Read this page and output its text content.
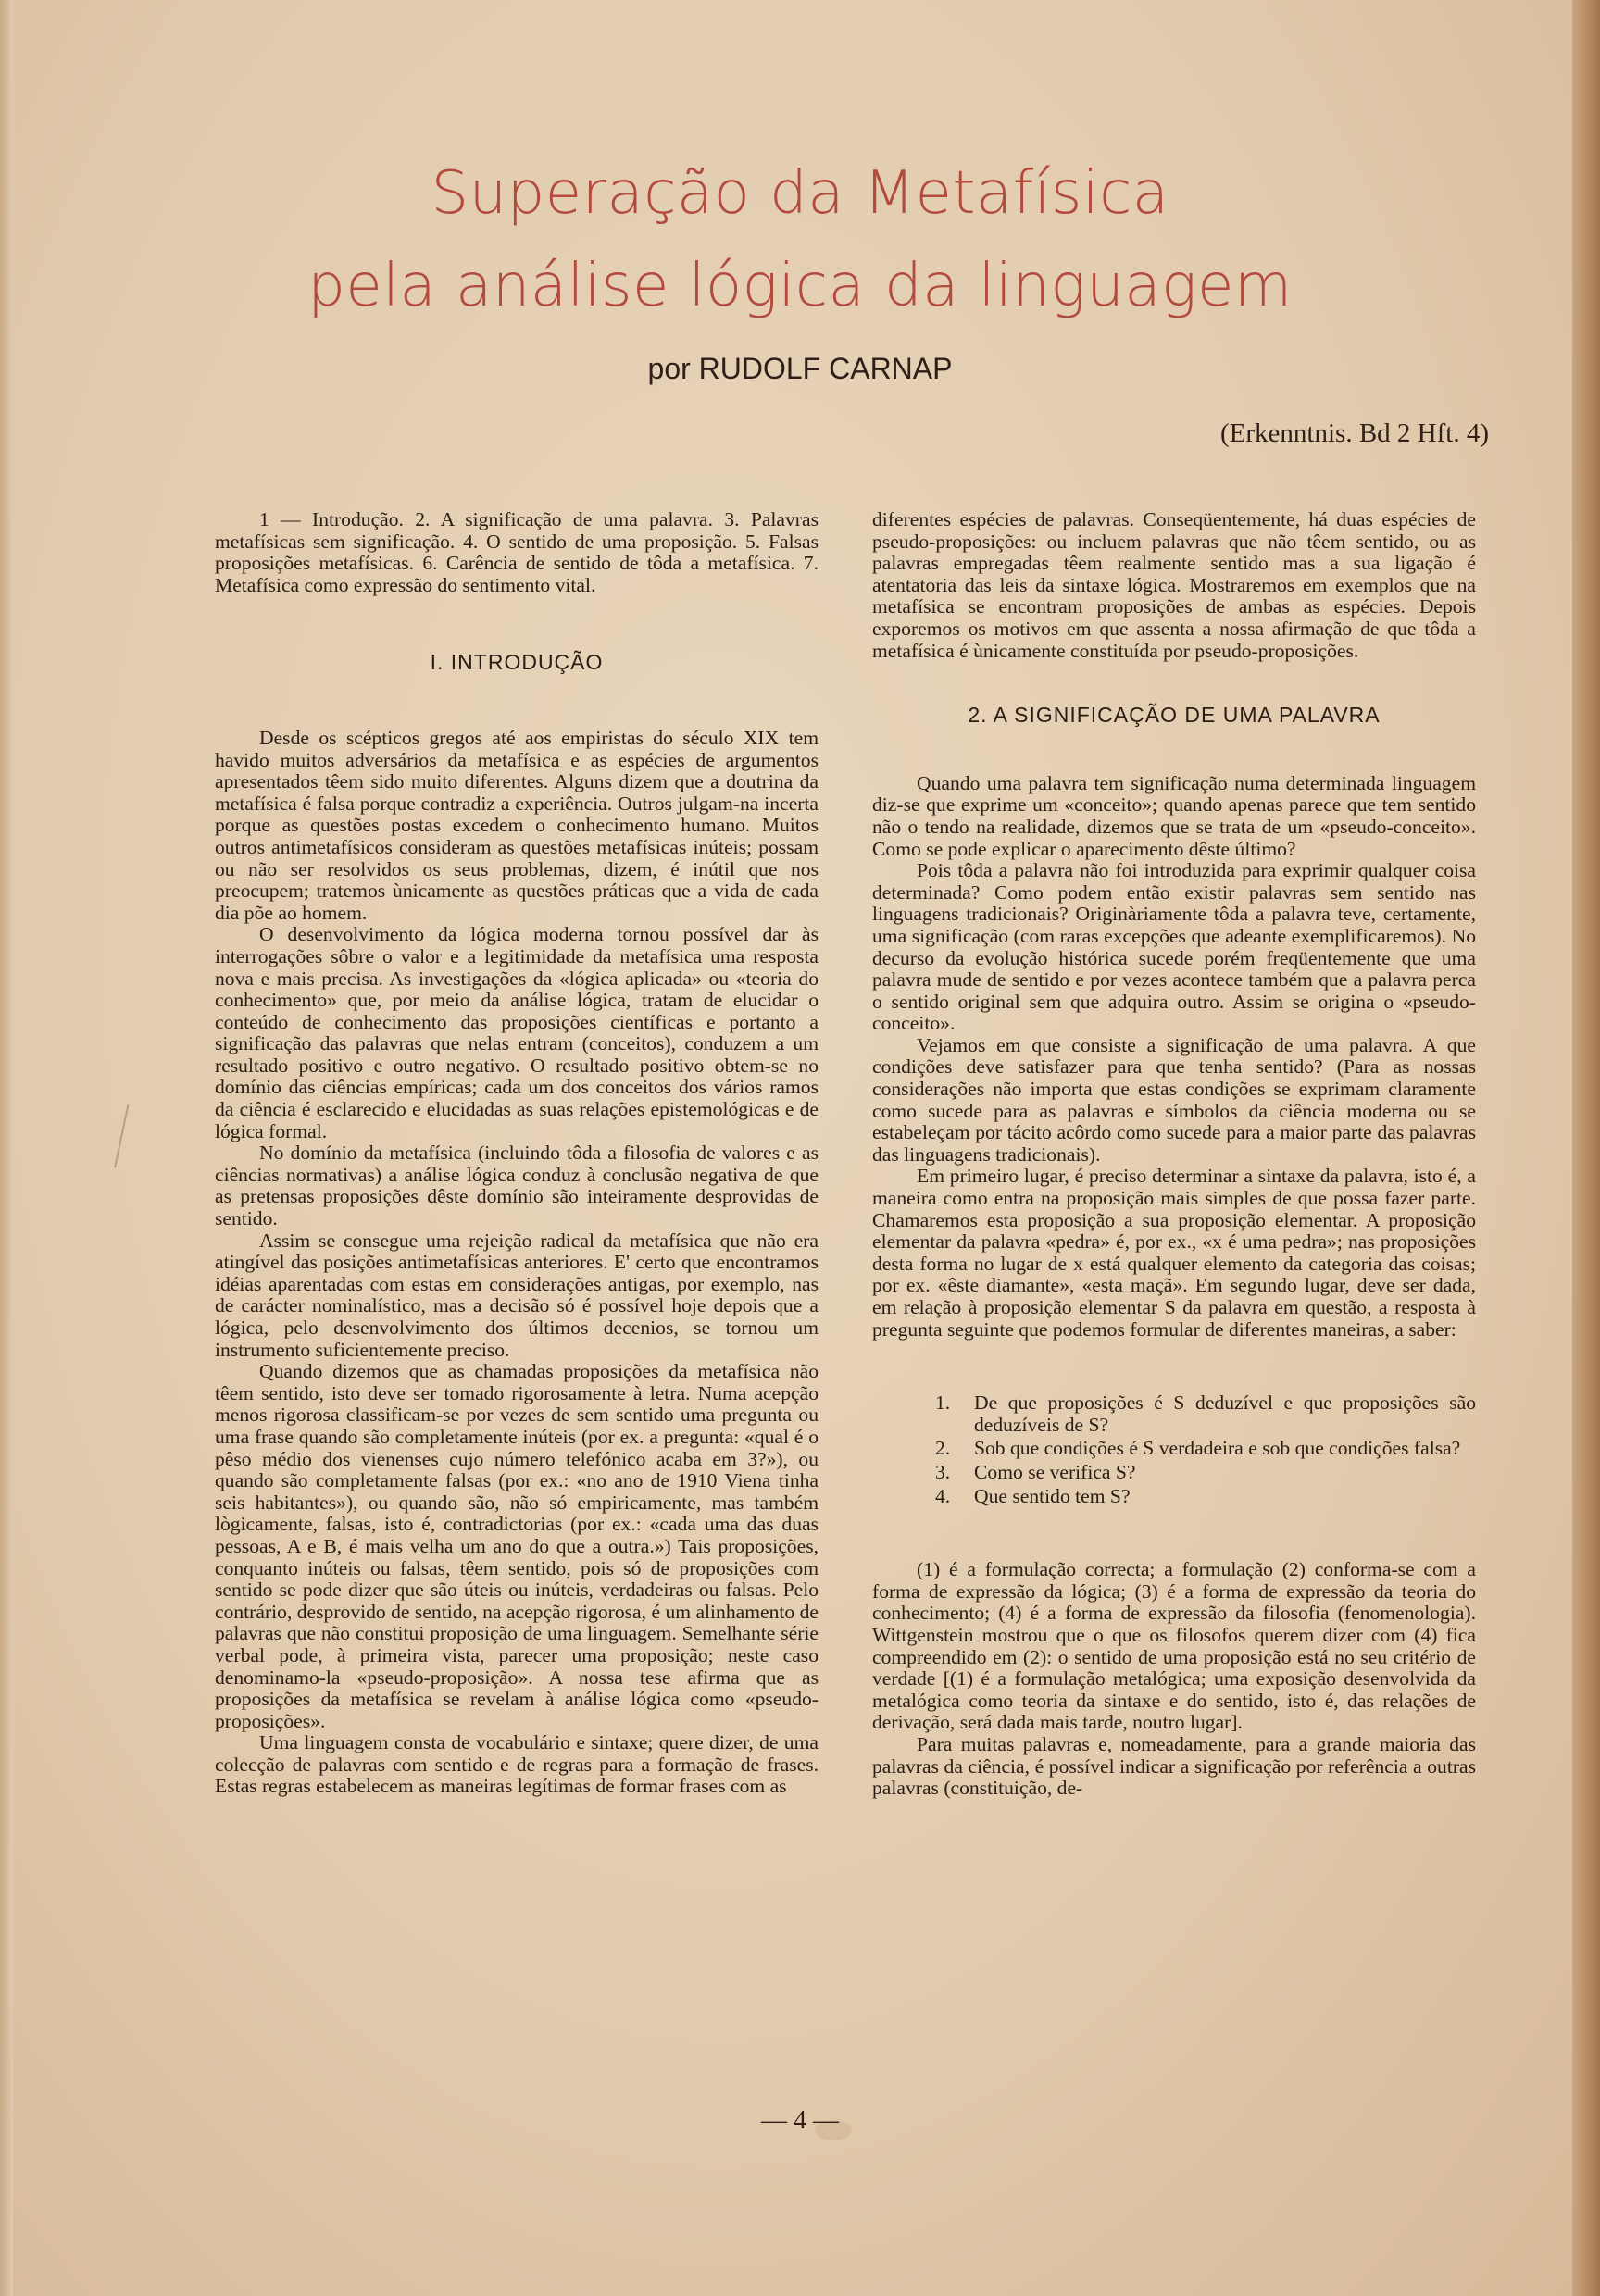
Superação da Metafísica
pela análise lógica da linguagem
por RUDOLF CARNAP
(Erkenntnis. Bd 2 Hft. 4)

1 — Introdução. 2. A significação de uma palavra. 3. Palavras metafísicas sem significação. 4. O sentido de uma proposição. 5. Falsas proposições metafísicas. 6. Carência de sentido de tôda a metafísica. 7. Metafísica como expressão do sentimento vital.

I. INTRODUÇÃO

Desde os scépticos gregos até aos empiristas do século XIX tem havido muitos adversários da metafísica e as espécies de argumentos apresentados têem sido muito diferentes. Alguns dizem que a doutrina da metafísica é falsa porque contradiz a experiência. Outros julgam-na incerta porque as questões postas excedem o conhecimento humano. Muitos outros antimetafísicos consideram as questões metafísicas inúteis; possam ou não ser resolvidos os seus problemas, dizem, é inútil que nos preocupem; tratemos ùnicamente as questões práticas que a vida de cada dia põe ao homem.

O desenvolvimento da lógica moderna tornou possível dar às interrogações sôbre o valor e a legitimidade da metafísica uma resposta nova e mais precisa. As investigações da «lógica aplicada» ou «teoria do conhecimento» que, por meio da análise lógica, tratam de elucidar o conteúdo de conhecimento das proposições científicas e portanto a significação das palavras que nelas entram (conceitos), conduzem a um resultado positivo e outro negativo. O resultado positivo obtem-se no domínio das ciências empíricas; cada um dos conceitos dos vários ramos da ciência é esclarecido e elucidadas as suas relações epistemológicas e de lógica formal.

No domínio da metafísica (incluindo tôda a filosofia de valores e as ciências normativas) a análise lógica conduz à conclusão negativa de que as pretensas proposições dêste domínio são inteiramente desprovidas de sentido.

Assim se consegue uma rejeição radical da metafísica que não era atingível das posições antimetafísicas anteriores. E' certo que encontramos idéias aparentadas com estas em considerações antigas, por exemplo, nas de carácter nominalístico, mas a decisão só é possível hoje depois que a lógica, pelo desenvolvimento dos últimos decenios, se tornou um instrumento suficientemente preciso.

Quando dizemos que as chamadas proposições da metafísica não têem sentido, isto deve ser tomado rigorosamente à letra. Numa acepção menos rigorosa classificam-se por vezes de sem sentido uma pregunta ou uma frase quando são completamente inúteis (por ex. a pregunta: «qual é o pêso médio dos vienenses cujo número telefónico acaba em 3?»), ou quando são completamente falsas (por ex.: «no ano de 1910 Viena tinha seis habitantes»), ou quando são, não só empiricamente, mas também lògicamente, falsas, isto é, contradictorias (por ex.: «cada uma das duas pessoas, A e B, é mais velha um ano do que a outra.») Tais proposições, conquanto inúteis ou falsas, têem sentido, pois só de proposições com sentido se pode dizer que são úteis ou inúteis, verdadeiras ou falsas. Pelo contrário, desprovido de sentido, na acepção rigorosa, é um alinhamento de palavras que não constitui proposição de uma linguagem. Semelhante série verbal pode, à primeira vista, parecer uma proposição; neste caso denominamo-la «pseudo-proposição». A nossa tese afirma que as proposições da metafísica se revelam à análise lógica como «pseudo-proposições».

Uma linguagem consta de vocabulário e sintaxe; quere dizer, de uma colecção de palavras com sentido e de regras para a formação de frases. Estas regras estabelecem as maneiras legítimas de formar frases com as

diferentes espécies de palavras. Conseqüentemente, há duas espécies de pseudo-proposições: ou incluem palavras que não têem sentido, ou as palavras empregadas têem realmente sentido mas a sua ligação é atentatoria das leis da sintaxe lógica. Mostraremos em exemplos que na metafísica se encontram proposições de ambas as espécies. Depois exporemos os motivos em que assenta a nossa afirmação de que tôda a metafísica é ùnicamente constituída por pseudo-proposições.

2. A SIGNIFICAÇÃO DE UMA PALAVRA

Quando uma palavra tem significação numa determinada linguagem diz-se que exprime um «conceito»; quando apenas parece que tem sentido não o tendo na realidade, dizemos que se trata de um «pseudo-conceito». Como se pode explicar o aparecimento dêste último?

Pois tôda a palavra não foi introduzida para exprimir qualquer coisa determinada? Como podem então existir palavras sem sentido nas linguagens tradicionais? Originàriamente tôda a palavra teve, certamente, uma significação (com raras excepções que adeante exemplificaremos). No decurso da evolução histórica sucede porém freqüentemente que uma palavra mude de sentido e por vezes acontece também que a palavra perca o sentido original sem que adquira outro. Assim se origina o «pseudo-conceito».

Vejamos em que consiste a significação de uma palavra. A que condições deve satisfazer para que tenha sentido? (Para as nossas considerações não importa que estas condições se exprimam claramente como sucede para as palavras e símbolos da ciência moderna ou se estabeleçam por tácito acôrdo como sucede para a maior parte das palavras das linguagens tradicionais).

Em primeiro lugar, é preciso determinar a sintaxe da palavra, isto é, a maneira como entra na proposição mais simples de que possa fazer parte. Chamaremos esta proposição a sua proposição elementar. A proposição elementar da palavra «pedra» é, por ex., «x é uma pedra»; nas proposições desta forma no lugar de x está qualquer elemento da categoria das coisas; por ex. «êste diamante», «esta maçã». Em segundo lugar, deve ser dada, em relação à proposição elementar S da palavra em questão, a resposta à pregunta seguinte que podemos formular de diferentes maneiras, a saber:

1. De que proposições é S deduzível e que proposições são deduzíveis de S?
2. Sob que condições é S verdadeira e sob que condições falsa?
3. Como se verifica S?
4. Que sentido tem S?

(1) é a formulação correcta; a formulação (2) conforma-se com a forma de expressão da lógica; (3) é a forma de expressão da teoria do conhecimento; (4) é a forma de expressão da filosofia (fenomenologia). Wittgenstein mostrou que o que os filosofos querem dizer com (4) fica compreendido em (2): o sentido de uma proposição está no seu critério de verdade [(1) é a formulação metalógica; uma exposição desenvolvida da metalógica como teoria da sintaxe e do sentido, isto é, das relações de derivação, será dada mais tarde, noutro lugar].

Para muitas palavras e, nomeadamente, para a grande maioria das palavras da ciência, é possível indicar a significação por referência a outras palavras (constituição, de-

— 4 —
